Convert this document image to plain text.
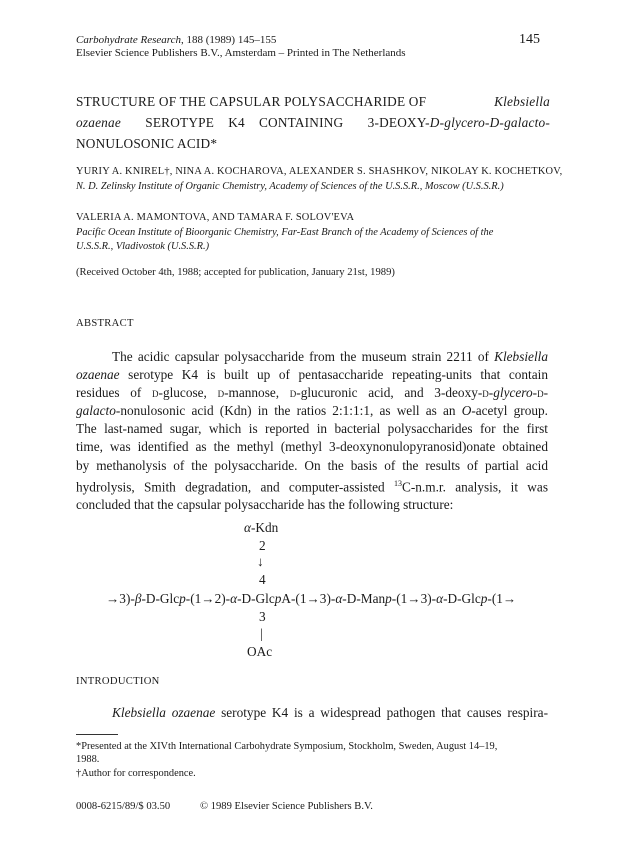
Carbohydrate Research, 188 (1989) 145–155
Elsevier Science Publishers B.V., Amsterdam – Printed in The Netherlands
145
STRUCTURE OF THE CAPSULAR POLYSACCHARIDE OF	Klebsiella
ozaenae SEROTYPE    K4    CONTAINING 3-DEOXY-D-glycero-D-galacto-
NONULOSONIC ACID*
YURIY A. KNIREL†, NINA A. KOCHAROVA, ALEXANDER S. SHASHKOV, NIKOLAY K. KOCHETKOV,
N. D. Zelinsky Institute of Organic Chemistry, Academy of Sciences of the U.S.S.R., Moscow (U.S.S.R.)
VALERIA A. MAMONTOVA, AND TAMARA F. SOLOV'EVA
Pacific Ocean Institute of Bioorganic Chemistry, Far-East Branch of the Academy of Sciences of the
U.S.S.R., Vladivostok (U.S.S.R.)
(Received October 4th, 1988; accepted for publication, January 21st, 1989)
ABSTRACT
The acidic capsular polysaccharide from the museum strain 2211 of Klebsiella
ozaenae serotype K4 is built up of pentasaccharide repeating-units that contain
residues of d-glucose, d-mannose, d-glucuronic acid, and 3-deoxy-d-glycero-d-
galacto-nonulosonic acid (Kdn) in the ratios 2:1:1:1, as well as an O-acetyl group.
The last-named sugar, which is reported in bacterial polysaccharides for the first
time, was identified as the methyl (methyl 3-deoxynonulopyranosid)onate obtained
by methanolysis of the polysaccharide. On the basis of the results of partial acid
hydrolysis, Smith degradation, and computer-assisted $^{13}$C-n.m.r. analysis, it was
concluded that the capsular polysaccharide has the following structure:
α-Kdn
2
↓
4
→3)-β-D-Glcp-(1→2)-α-D-GlcpA-(1→3)-α-D-Manp-(1→3)-α-D-Glcp-(1→
3
|
OAc
INTRODUCTION
Klebsiella ozaenae serotype K4 is a widespread pathogen that causes respira-
*Presented at the XIVth International Carbohydrate Symposium, Stockholm, Sweden, August 14–19,
1988.
†Author for correspondence.
0008-6215/89/$ 03.50	© 1989 Elsevier Science Publishers B.V.
